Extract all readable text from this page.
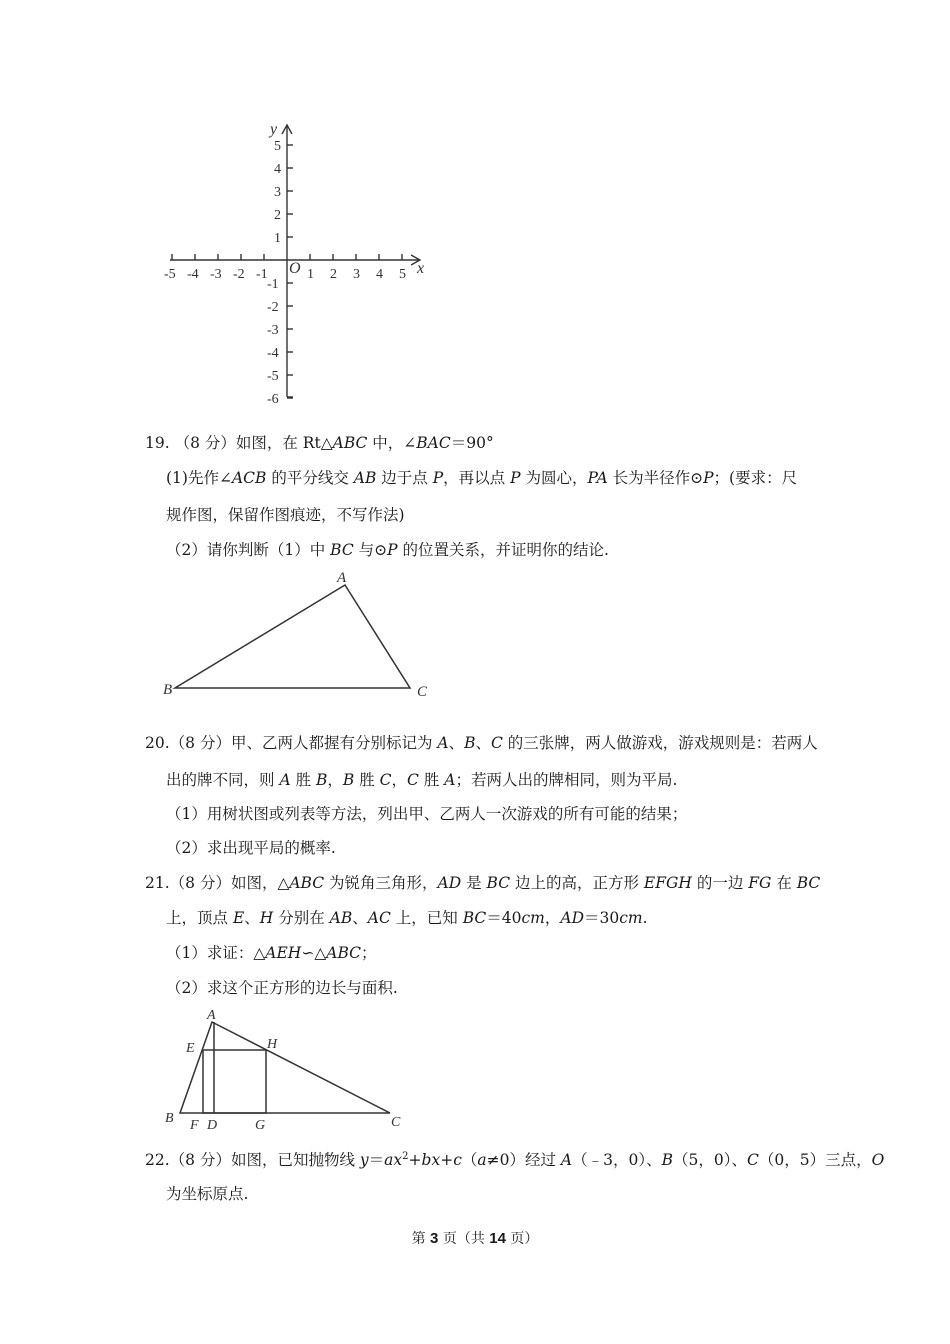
x
y
O
-5 -4 -3 -2 -1	1 2 3 4 5
5
4
3
2
1
-1
-2
-3
-4
-5
-6
19. （8 分）如图，在 Rt△ABC 中，∠BAC＝90°
(1)先作∠ACB 的平分线交 AB 边于点 P，再以点 P 为圆心，PA 长为半径作⊙P；(要求：尺
规作图，保留作图痕迹，不写作法)
（2）请你判断（1）中 BC 与⊙P 的位置关系，并证明你的结论.
A
B	C
20.（8 分）甲、乙两人都握有分别标记为 A、B、C 的三张牌，两人做游戏，游戏规则是：若两人
出的牌不同，则 A 胜 B，B 胜 C，C 胜 A；若两人出的牌相同，则为平局.
（1）用树状图或列表等方法，列出甲、乙两人一次游戏的所有可能的结果；
（2）求出现平局的概率.
21.（8 分）如图，△ABC 为锐角三角形，AD 是 BC 边上的高，正方形 EFGH 的一边 FG 在 BC
上，顶点 E、H 分别在 AB、AC 上，已知 BC＝40cm，AD＝30cm.
（1）求证：△AEH∽△ABC；
（2）求这个正方形的边长与面积.
A
E	H
B F D	G	C
22.（8 分）如图，已知抛物线 $y=ax^2+bx+c(a\ne 0)$经过 A（﹣3，0）、B（5，0）、C（0，5）三点，O
为坐标原点.
第 3 页（共 14 页）
